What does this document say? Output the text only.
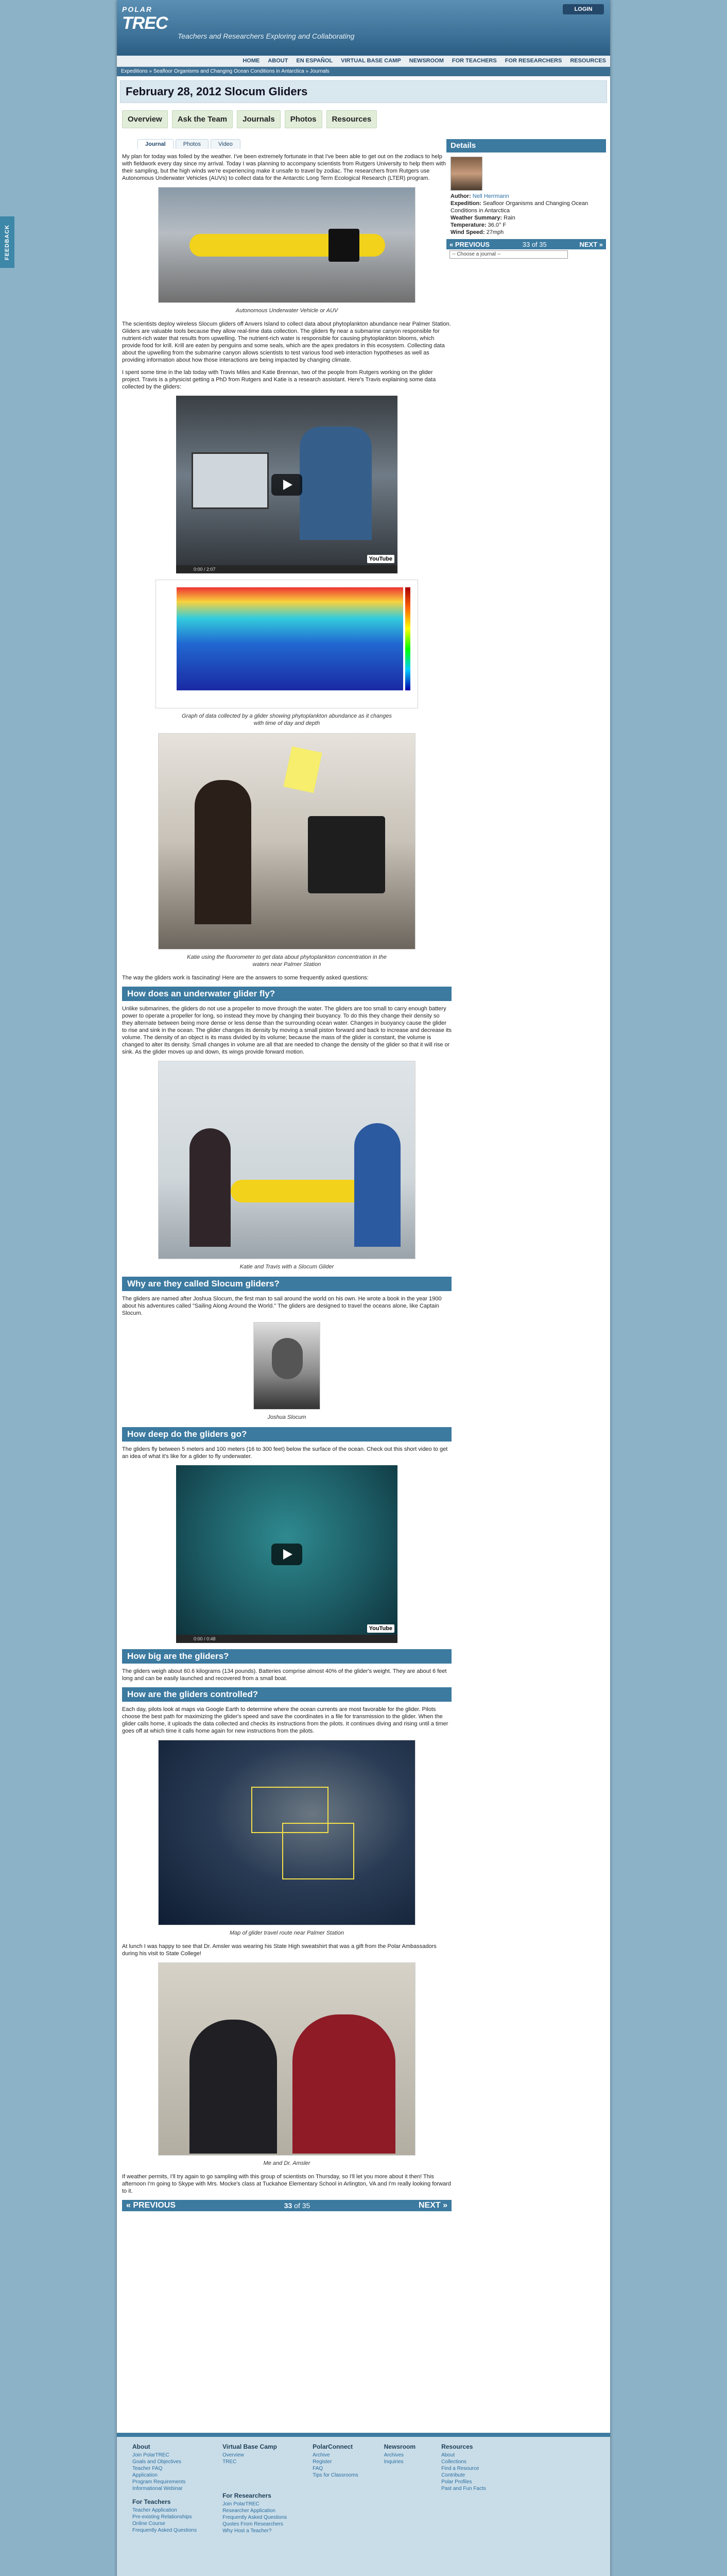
FEEDBACK
POLAR
TREC
Teachers and Researchers Exploring and Collaborating
LOGIN
HOME ABOUT EN ESPAÑOL VIRTUAL BASE CAMP NEWSROOM FOR TEACHERS FOR RESEARCHERS RESOURCES
Expeditions » Seafloor Organisms and Changing Ocean Conditions in Antarctica » Journals
February 28, 2012 Slocum Gliders
Overview	Ask the Team	Journals	Photos	Resources
Journal	Photos	Video

My plan for today was foiled by the weather. I've been extremely fortunate in that I've been able to get out on the zodiacs to help with fieldwork every day since my arrival. Today I was planning to accompany scientists from Rutgers University to help them with their sampling, but the high winds we're experiencing make it unsafe to travel by zodiac. The researchers from Rutgers use Autonomous Underwater Vehicles (AUVs) to collect data for the Antarctic Long Term Ecological Research (LTER) program.

Autonomous Underwater Vehicle or AUV

The scientists deploy wireless Slocum gliders off Anvers Island to collect data about phytoplankton abundance near Palmer Station. Gliders are valuable tools because they allow real-time data collection. The gliders fly near a submarine canyon responsible for nutrient-rich water that results from upwelling. The nutrient-rich water is responsible for causing phytoplankton blooms, which provide food for krill. Krill are eaten by penguins and some seals, which are the apex predators in this ecosystem. Collecting data about the upwelling from the submarine canyon allows scientists to test various food web interaction hypotheses as well as providing information about how those interactions are being impacted by changing climate.

I spent some time in the lab today with Travis Miles and Katie Brennan, two of the people from Rutgers working on the glider project. Travis is a physicist getting a PhD from Rutgers and Katie is a research assistant. Here's Travis explaining some data collected by the gliders:

YouTube
0:00 / 2:07
Graph of data collected by a glider showing phytoplankton abundance as it changes with time of day and depth
Katie using the fluorometer to get data about phytoplankton concentration in the waters near Palmer Station

The way the gliders work is fascinating! Here are the answers to some frequently asked questions:

How does an underwater glider fly?

Unlike submarines, the gliders do not use a propeller to move through the water. The gliders are too small to carry enough battery power to operate a propeller for long, so instead they move by changing their buoyancy. To do this they change their density so they alternate between being more dense or less dense than the surrounding ocean water. Changes in buoyancy cause the glider to rise and sink in the ocean. The glider changes its density by moving a small piston forward and back to increase and decrease its volume. The density of an object is its mass divided by its volume; because the mass of the glider is constant, the volume is changed to alter its density. Small changes in volume are all that are needed to change the density of the glider so that it will rise or sink. As the glider moves up and down, its wings provide forward motion.

Katie and Travis with a Slocum Glider
Why are they called Slocum gliders?

The gliders are named after Joshua Slocum, the first man to sail around the world on his own. He wrote a book in the year 1900 about his adventures called "Sailing Along Around the World." The gliders are designed to travel the oceans alone, like Captain Slocum.

Joshua Slocum
How deep do the gliders go?

The gliders fly between 5 meters and 100 meters (16 to 300 feet) below the surface of the ocean. Check out this short video to get an idea of what it's like for a glider to fly underwater.

YouTube
0:00 / 0:48
How big are the gliders?

The gliders weigh about 60.6 kilograms (134 pounds). Batteries comprise almost 40% of the glider's weight. They are about 6 feet long and can be easily launched and recovered from a small boat.

How are the gliders controlled?

Each day, pilots look at maps via Google Earth to determine where the ocean currents are most favorable for the glider. Pilots choose the best path for maximizing the glider's speed and save the coordinates in a file for transmission to the glider. When the glider calls home, it uploads the data collected and checks its instructions from the pilots. It continues diving and rising until a timer goes off at which time it calls home again for new instructions from the pilots.

Map of glider travel route near Palmer Station

At lunch I was happy to see that Dr. Amsler was wearing his State High sweatshirt that was a gift from the Polar Ambassadors during his visit to State College!

Me and Dr. Amsler

If weather permits, I'll try again to go sampling with this group of scientists on Thursday, so I'll let you more about it then! This afternoon I'm going to Skype with Mrs. Mocke's class at Tuckahoe Elementary School in Arlington, VA and I'm really looking forward to it.

« PREVIOUS	33 of 35	NEXT »
Details
Author: Nell Herrmann
Expedition: Seafloor Organisms and Changing Ocean Conditions in Antarctica
Weather Summary: Rain
Temperature: 36.0° F
Wind Speed: 27mph
« PREVIOUS	33 of 35	NEXT »
-- Choose a journal --
About
Join PolarTREC
Goals and Objectives
Teacher FAQ
Application
Program Requirements
Informational Webinar
For Teachers
Teacher Application
Pre-existing Relationships
Online Course
Frequently Asked Questions
Virtual Base Camp
Overview
TREC
For Researchers
Join PolarTREC
Researcher Application
Frequently Asked Questions
Quotes From Researchers
Why Host a Teacher?
PolarConnect
Archive
Register
FAQ
Tips for Classrooms
Newsroom
Archives
Inquiries
Resources
About
Collections
Find a Resource
Contribute
Polar Profiles
Past and Fun Facts
